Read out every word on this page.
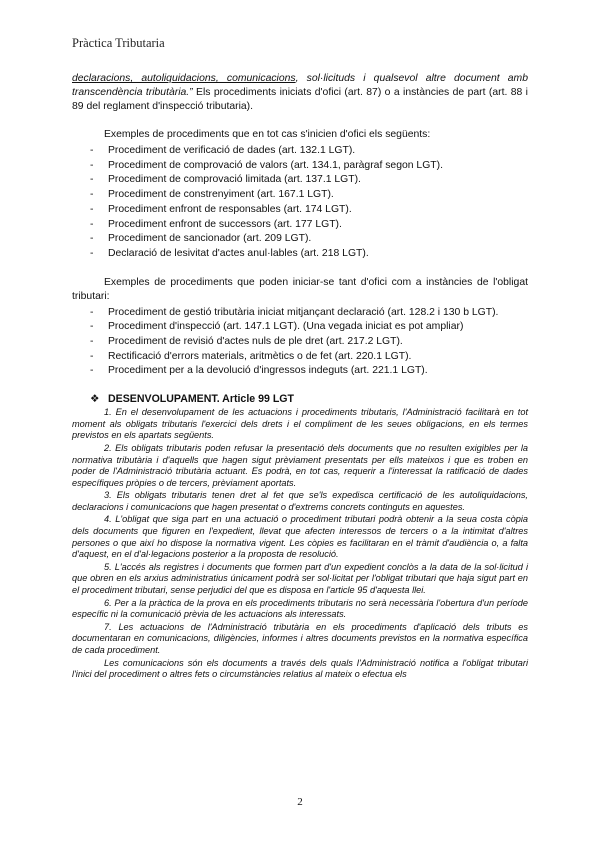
Pràctica Tributaria

declaracions, autoliquidacions, comunicacions, sol·licituds i qualsevol altre document amb transcendència tributària.” Els procediments iniciats d'ofici (art. 87) o a instàncies de part (art. 88 i 89 del reglament d'inspecció tributaria).

Exemples de procediments que en tot cas s'inicien d'ofici els següents:

- Procediment de verificació de dades (art. 132.1 LGT).
- Procediment de comprovació de valors (art. 134.1, paràgraf segon LGT).
- Procediment de comprovació limitada (art. 137.1 LGT).
- Procediment de constrenyiment (art. 167.1 LGT).
- Procediment enfront de responsables (art. 174 LGT).
- Procediment enfront de successors (art. 177 LGT).
- Procediment de sancionador (art. 209 LGT).
- Declaració de lesivitat d'actes anul·lables (art. 218 LGT).

Exemples de procediments que poden iniciar-se tant d'ofici com a instàncies de l'obligat tributari:

- Procediment de gestió tributària iniciat mitjançant declaració (art. 128.2 i 130 b LGT).
- Procediment d'inspecció (art. 147.1 LGT). (Una vegada iniciat es pot ampliar)
- Procediment de revisió d'actes nuls de ple dret (art. 217.2 LGT).
- Rectificació d'errors materials, aritmètics o de fet (art. 220.1 LGT).
- Procediment per a la devolució d'ingressos indeguts (art. 221.1 LGT).
❖ DESENVOLUPAMENT. Article 99 LGT

1. En el desenvolupament de les actuacions i procediments tributaris, l'Administració facilitarà en tot moment als obligats tributaris l'exercici dels drets i el compliment de les seues obligacions, en els termes previstos en els apartats següents.

2. Els obligats tributaris poden refusar la presentació dels documents que no resulten exigibles per la normativa tributària i d'aquells que hagen sigut prèviament presentats per ells mateixos i que es troben en poder de l'Administració tributària actuant. Es podrà, en tot cas, requerir a l'interessat la ratificació de dades específiques pròpies o de tercers, prèviament aportats.

3. Els obligats tributaris tenen dret al fet que se'ls expedisca certificació de les autoliquidacions, declaracions i comunicacions que hagen presentat o d'extrems concrets continguts en aquestes.

4. L'obligat que siga part en una actuació o procediment tributari podrà obtenir a la seua costa còpia dels documents que figuren en l'expedient, llevat que afecten interessos de tercers o a la intimitat d'altres persones o que així ho dispose la normativa vigent. Les còpies es facilitaran en el tràmit d'audiència o, a falta d'aquest, en el d'al·legacions posterior a la proposta de resolució.

5. L'accés als registres i documents que formen part d'un expedient conclòs a la data de la sol·licitud i que obren en els arxius administratius únicament podrà ser sol·licitat per l'obligat tributari que haja sigut part en el procediment tributari, sense perjudici del que es disposa en l'article 95 d'aquesta llei.

6. Per a la pràctica de la prova en els procediments tributaris no serà necessària l'obertura d'un període específic ni la comunicació prèvia de les actuacions als interessats.

7. Les actuacions de l'Administració tributària en els procediments d'aplicació dels tributs es documentaran en comunicacions, diligències, informes i altres documents previstos en la normativa específica de cada procediment.

Les comunicacions són els documents a través dels quals l'Administració notifica a l'obligat tributari l'inici del procediment o altres fets o circumstàncies relatius al mateix o efectua els

2
